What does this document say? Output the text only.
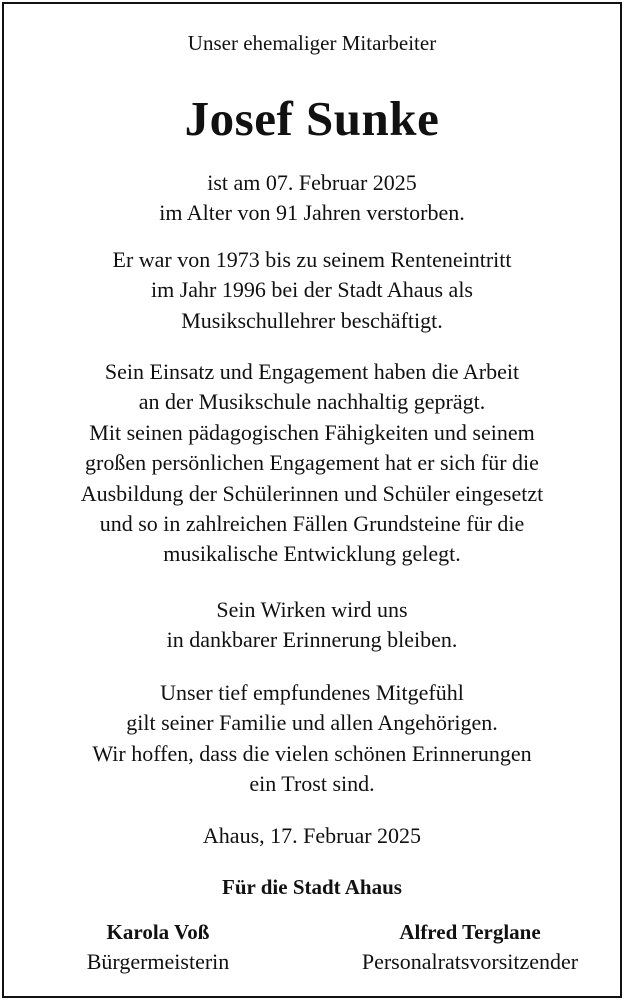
Unser ehemaliger Mitarbeiter
Josef Sunke
ist am 07. Februar 2025
im Alter von 91 Jahren verstorben.
Er war von 1973 bis zu seinem Renteneintritt
im Jahr 1996 bei der Stadt Ahaus als
Musikschullehrer beschäftigt.
Sein Einsatz und Engagement haben die Arbeit
an der Musikschule nachhaltig geprägt.
Mit seinen pädagogischen Fähigkeiten und seinem
großen persönlichen Engagement hat er sich für die
Ausbildung der Schülerinnen und Schüler eingesetzt
und so in zahlreichen Fällen Grundsteine für die
musikalische Entwicklung gelegt.
Sein Wirken wird uns
in dankbarer Erinnerung bleiben.
Unser tief empfundenes Mitgefühl
gilt seiner Familie und allen Angehörigen.
Wir hoffen, dass die vielen schönen Erinnerungen
ein Trost sind.
Ahaus, 17. Februar 2025
Für die Stadt Ahaus
Karola Voß
Bürgermeisterin
Alfred Terglane
Personalratsvorsitzender
